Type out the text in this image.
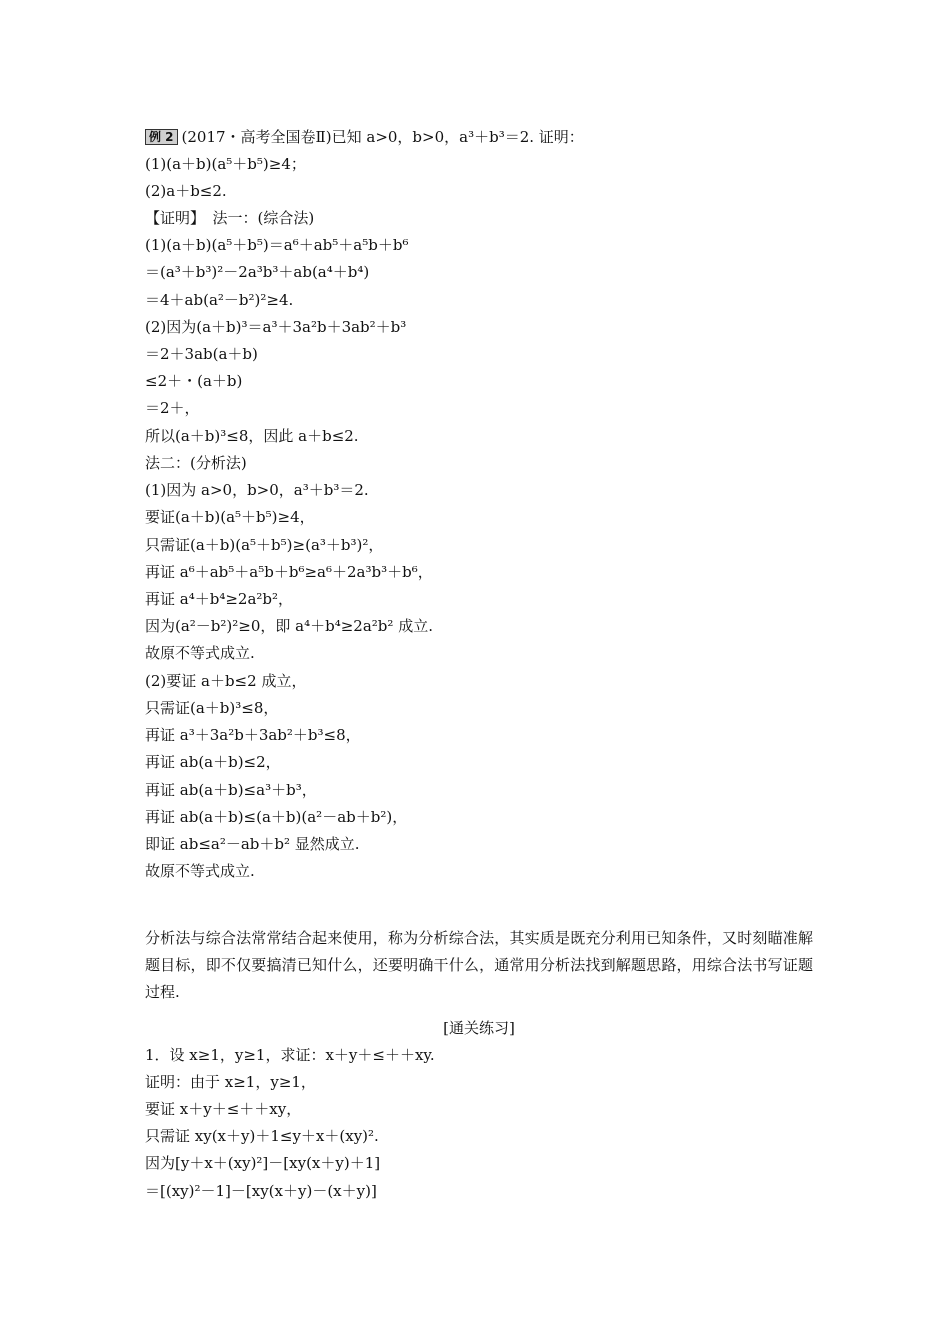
例 2 (2017・高考全国卷Ⅱ)已知 a>0，b>0，a³＋b³＝2. 证明：
(1)(a＋b)(a⁵＋b⁵)≥4；
(2)a＋b≤2.
【证明】　法一：(综合法)
(1)(a＋b)(a⁵＋b⁵)＝a⁶＋ab⁵＋a⁵b＋b⁶
＝(a³＋b³)²－2a³b³＋ab(a⁴＋b⁴)
＝4＋ab(a²－b²)²≥4.
(2)因为(a＋b)³＝a³＋3a²b＋3ab²＋b³
＝2＋3ab(a＋b)
≤2＋・(a＋b)
＝2＋，
所以(a＋b)³≤8，因此 a＋b≤2.
法二：(分析法)
(1)因为 a>0，b>0，a³＋b³＝2.
要证(a＋b)(a⁵＋b⁵)≥4，
只需证(a＋b)(a⁵＋b⁵)≥(a³＋b³)²，
再证 a⁶＋ab⁵＋a⁵b＋b⁶≥a⁶＋2a³b³＋b⁶，
再证 a⁴＋b⁴≥2a²b²，
因为(a²－b²)²≥0，即 a⁴＋b⁴≥2a²b² 成立.
故原不等式成立.
(2)要证 a＋b≤2 成立，
只需证(a＋b)³≤8，
再证 a³＋3a²b＋3ab²＋b³≤8，
再证 ab(a＋b)≤2，
再证 ab(a＋b)≤a³＋b³，
再证 ab(a＋b)≤(a＋b)(a²－ab＋b²)，
即证 ab≤a²－ab＋b² 显然成立.
故原不等式成立.
分析法与综合法常常结合起来使用，称为分析综合法，其实质是既充分利用已知条件，又时刻瞄准解题目标，即不仅要搞清已知什么，还要明确干什么，通常用分析法找到解题思路，用综合法书写证题过程.
[通关练习]
1．设 x≥1，y≥1，求证：x＋y＋≤＋＋xy.
证明：由于 x≥1，y≥1，
要证 x＋y＋≤＋＋xy，
只需证 xy(x＋y)＋1≤y＋x＋(xy)².
因为[y＋x＋(xy)²]－[xy(x＋y)＋1]
＝[(xy)²－1]－[xy(x＋y)－(x＋y)]
